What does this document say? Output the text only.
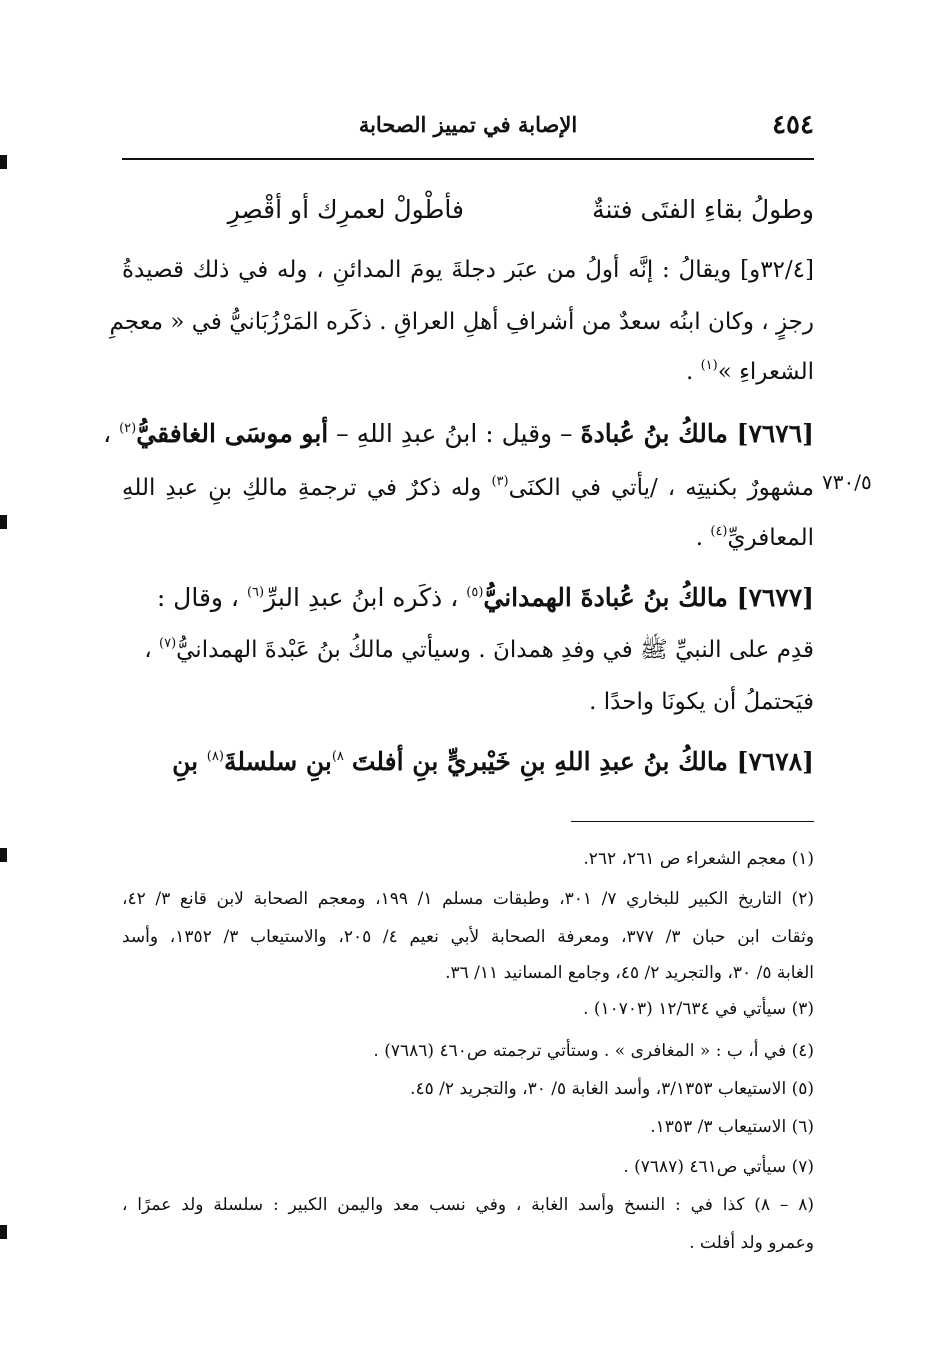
٤٥٤
الإصابة في تمييز الصحابة
وطولُ بقاءِ الفتَى فتنةٌ
فأطْولْ لعمرِك أو أقْصِرِ
[٣٢/٤و] ويقالُ : إنَّه أولُ من عبَر دجلةَ يومَ المدائنِ ، وله في ذلك قصيدةُ
رجزٍ ، وكان ابنُه سعدٌ من أشرافِ أهلِ العراقِ . ذكَره المَرْزُبَانيُّ في « معجمِ
الشعراءِ »$^{(١)}$ .
[٧٦٧٦] مالكُ بنُ عُبادةَ – وقيل : ابنُ عبدِ اللهِ – أبو موسَى الغافقيُّ$^{(٢)}$ ،
مشهورٌ بكنيتِه ، /يأتي في الكنَى$^{(٣)}$ وله ذكرٌ في ترجمةِ مالكِ بنِ عبدِ اللهِ
المعافريِّ$^{(٤)}$ .
٧٣٠/٥
[٧٦٧٧] مالكُ بنُ عُبادةَ الهمدانيُّ$^{(٥)}$ ، ذكَره ابنُ عبدِ البرِّ$^{(٦)}$ ، وقال :
قدِم على النبيِّ ﷺ في وفدِ همدانَ . وسيأتي مالكُ بنُ عَبْدةَ الهمدانيُّ$^{(٧)}$ ،
فيَحتملُ أن يكونَا واحدًا .
[٧٦٧٨] مالكُ بنُ عبدِ اللهِ بنِ خَيْبريٍّ بنِ أفلتَ $^{٨)}$بنِ سلسلةَ$^{(٨)}$ بنِ
(١) معجم الشعراء ص ٢٦١، ٢٦٢.
(٢) التاريخ الكبير للبخاري ٧/ ٣٠١، وطبقات مسلم ١/ ١٩٩، ومعجم الصحابة لابن قانع ٣/ ٤٢،
وثقات ابن حبان ٣/ ٣٧٧، ومعرفة الصحابة لأبي نعيم ٤/ ٢٠٥، والاستيعاب ٣/ ١٣٥٢، وأسد
الغابة ٥/ ٣٠، والتجريد ٢/ ٤٥، وجامع المسانيد ١١/ ٣٦.
(٣) سيأتي في ١٢/٦٣٤ (١٠٧٠٣) .
(٤) في أ، ب : « المغافرى » . وستأتي ترجمته ص٤٦٠ (٧٦٨٦) .
(٥) الاستيعاب ٣/١٣٥٣، وأسد الغابة ٥/ ٣٠، والتجريد ٢/ ٤٥.
(٦) الاستيعاب ٣/ ١٣٥٣.
(٧) سيأتي ص٤٦١ (٧٦٨٧) .
(٨ – ٨) كذا في : النسخ وأسد الغابة ، وفي نسب معد واليمن الكبير : سلسلة ولد عمرًا ،
وعمرو ولد أفلت .
